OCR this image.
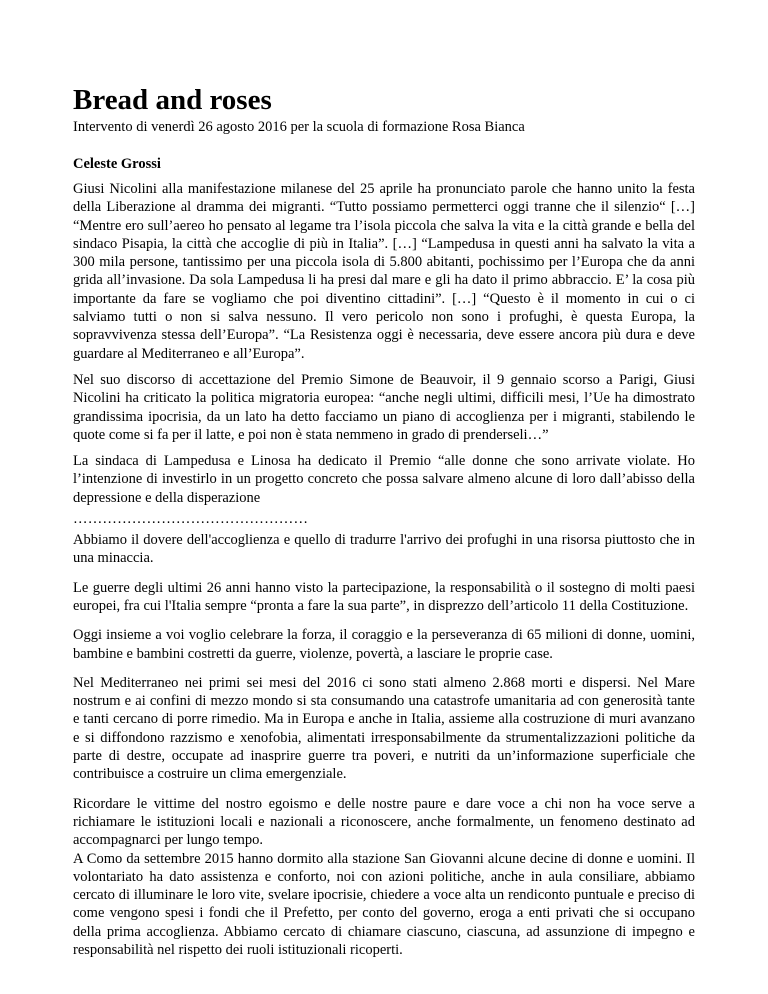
Bread and roses

Intervento di venerdì 26 agosto 2016 per la scuola di formazione Rosa Bianca

Celeste Grossi

Giusi Nicolini alla manifestazione milanese del 25 aprile ha pronunciato parole che hanno unito la festa della Liberazione al dramma dei migranti. “Tutto possiamo permetterci oggi tranne che il silenzio“ […] “Mentre ero sull’aereo ho pensato al legame tra l’isola piccola che salva la vita e la città grande e bella del sindaco Pisapia, la città che accoglie di più in Italia”. […] “Lampedusa in questi anni ha salvato la vita a 300 mila persone, tantissimo per una piccola isola di 5.800 abitanti, pochissimo per l’Europa che da anni grida all’invasione. Da sola Lampedusa li ha presi dal mare e gli ha dato il primo abbraccio. E’ la cosa più importante da fare se vogliamo che poi diventino cittadini”. […] “Questo è il momento in cui o ci salviamo tutti o non si salva nessuno. Il vero pericolo non sono i profughi, è questa Europa, la sopravvivenza stessa dell’Europa”. “La Resistenza oggi è necessaria, deve essere ancora più dura e deve guardare al Mediterraneo e all’Europa”.

Nel suo discorso di accettazione del Premio Simone de Beauvoir, il 9 gennaio scorso a Parigi, Giusi Nicolini ha criticato la politica migratoria europea: “anche negli ultimi, difficili mesi, l’Ue ha dimostrato grandissima ipocrisia, da un lato ha detto facciamo un piano di accoglienza per i migranti, stabilendo le quote come si fa per il latte, e poi non è stata nemmeno in grado di prenderseli…”

La sindaca di Lampedusa e Linosa ha dedicato il Premio “alle donne che sono arrivate violate. Ho l’intenzione di investirlo in un progetto concreto che possa salvare almeno alcune di loro dall’abisso della depressione e della disperazione

…………………………………………

Abbiamo il dovere dell'accoglienza e quello di tradurre l'arrivo dei profughi in una risorsa piuttosto che in una minaccia.

Le guerre degli ultimi 26 anni hanno visto la partecipazione, la responsabilità o il sostegno di molti paesi europei, fra cui l'Italia sempre “pronta a fare la sua parte”, in disprezzo dell’articolo 11 della Costituzione.

Oggi insieme a voi voglio celebrare la forza, il coraggio e la perseveranza di 65 milioni di donne, uomini, bambine e bambini costretti da guerre, violenze, povertà, a lasciare le proprie case.

Nel Mediterraneo nei primi sei mesi del 2016 ci sono stati almeno 2.868 morti e dispersi. Nel Mare nostrum e ai confini di mezzo mondo si sta consumando una catastrofe umanitaria ad con generosità tante e tanti cercano di porre rimedio. Ma in Europa e anche in Italia, assieme alla costruzione di muri avanzano e si diffondono razzismo e xenofobia, alimentati irresponsabilmente da strumentalizzazioni politiche da parte di destre, occupate ad inasprire guerre tra poveri, e nutriti da un’informazione superficiale che contribuisce a costruire un clima emergenziale.

Ricordare le vittime del nostro egoismo e delle nostre paure e dare voce a chi non ha voce serve a richiamare le istituzioni locali e nazionali a riconoscere, anche formalmente, un fenomeno destinato ad accompagnarci per lungo tempo.

A Como da settembre 2015 hanno dormito alla stazione San Giovanni alcune decine di donne e uomini. Il volontariato ha dato assistenza e conforto, noi con azioni politiche, anche in aula consiliare, abbiamo cercato di illuminare le loro vite, svelare ipocrisie, chiedere a voce alta un rendiconto puntuale e preciso di come vengono spesi i fondi che il Prefetto, per conto del governo, eroga a enti privati che si occupano della prima accoglienza. Abbiamo cercato di chiamare ciascuno, ciascuna, ad assunzione di impegno e responsabilità nel rispetto dei ruoli istituzionali ricoperti.
